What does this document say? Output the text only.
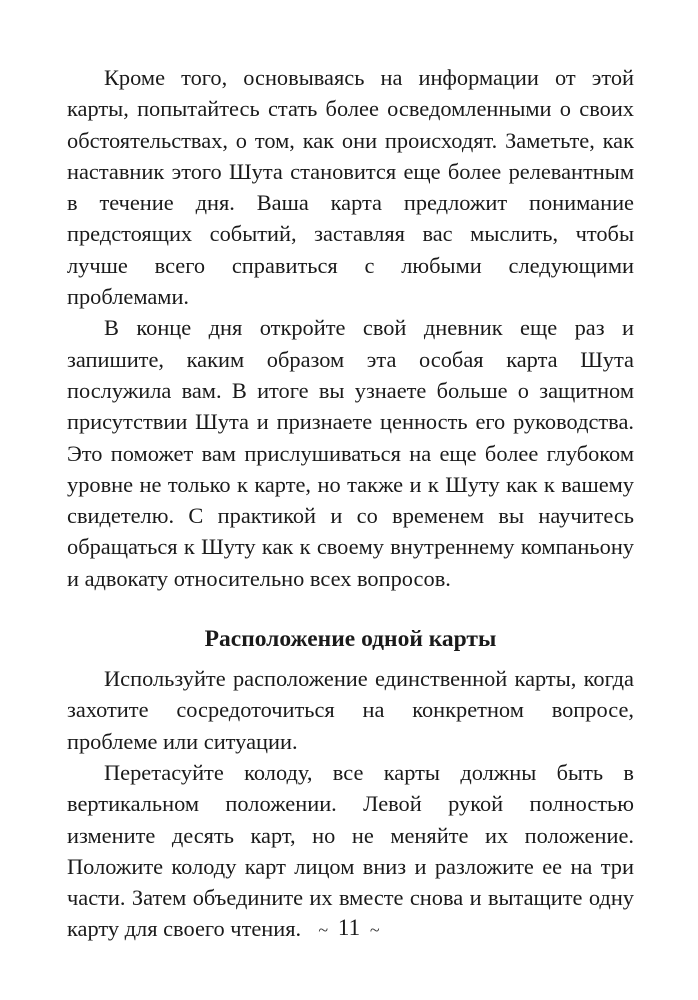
Кроме того, основываясь на информации от этой карты, попытайтесь стать более осведомленными о своих обстоятельствах, о том, как они происходят. Заметьте, как наставник этого Шута становится еще более релевантным в течение дня. Ваша карта предложит понимание предстоящих событий, заставляя вас мыслить, чтобы лучше всего справиться с любыми следующими проблемами.

В конце дня откройте свой дневник еще раз и запишите, каким образом эта особая карта Шута послужила вам. В итоге вы узнаете больше о защитном присутствии Шута и признаете ценность его руководства. Это поможет вам прислушиваться на еще более глубоком уровне не только к карте, но также и к Шуту как к вашему свидетелю. С практикой и со временем вы научитесь обращаться к Шуту как к своему внутреннему компаньону и адвокату относительно всех вопросов.

Расположение одной карты

Используйте расположение единственной карты, когда захотите сосредоточиться на конкретном вопросе, проблеме или ситуации.

Перетасуйте колоду, все карты должны быть в вертикальном положении. Левой рукой полностью измените десять карт, но не меняйте их положение. Положите колоду карт лицом вниз и разложите ее на три части. Затем объедините их вместе снова и вытащите одну карту для своего чтения. ~ 11 ~
